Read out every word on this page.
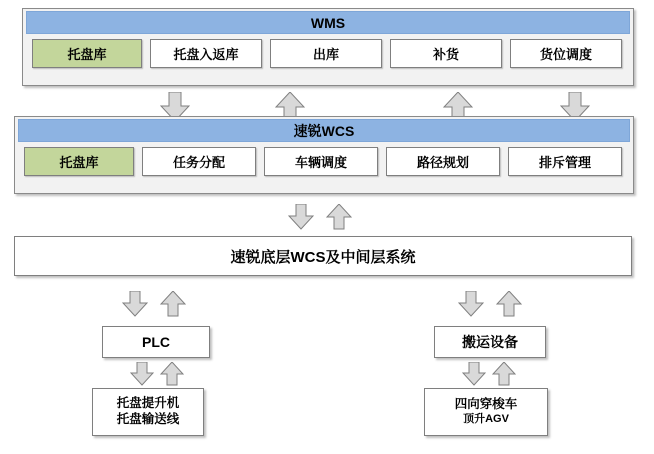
WMS
托盘库	托盘入返库	出库	补货	货位调度
速锐WCS
托盘库	任务分配	车辆调度	路径规划	排斥管理
速锐底层WCS及中间层系统
PLC	搬运设备
托盘提升机
托盘输送线
四向穿梭车
顶升AGV
